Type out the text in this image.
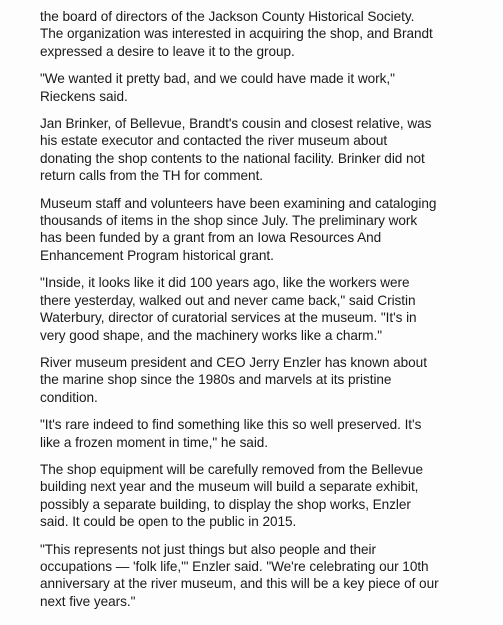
the board of directors of the Jackson County Historical Society.
The organization was interested in acquiring the shop, and Brandt
expressed a desire to leave it to the group.

"We wanted it pretty bad, and we could have made it work,"
Rieckens said.

Jan Brinker, of Bellevue, Brandt's cousin and closest relative, was
his estate executor and contacted the river museum about
donating the shop contents to the national facility. Brinker did not
return calls from the TH for comment.

Museum staff and volunteers have been examining and cataloging
thousands of items in the shop since July. The preliminary work
has been funded by a grant from an Iowa Resources And
Enhancement Program historical grant.

"Inside, it looks like it did 100 years ago, like the workers were
there yesterday, walked out and never came back," said Cristin
Waterbury, director of curatorial services at the museum. "It's in
very good shape, and the machinery works like a charm."

River museum president and CEO Jerry Enzler has known about
the marine shop since the 1980s and marvels at its pristine
condition.

"It's rare indeed to find something like this so well preserved. It's
like a frozen moment in time," he said.

The shop equipment will be carefully removed from the Bellevue
building next year and the museum will build a separate exhibit,
possibly a separate building, to display the shop works, Enzler
said. It could be open to the public in 2015.

"This represents not just things but also people and their
occupations — 'folk life,'" Enzler said. "We're celebrating our 10th
anniversary at the river museum, and this will be a key piece of our
next five years."
